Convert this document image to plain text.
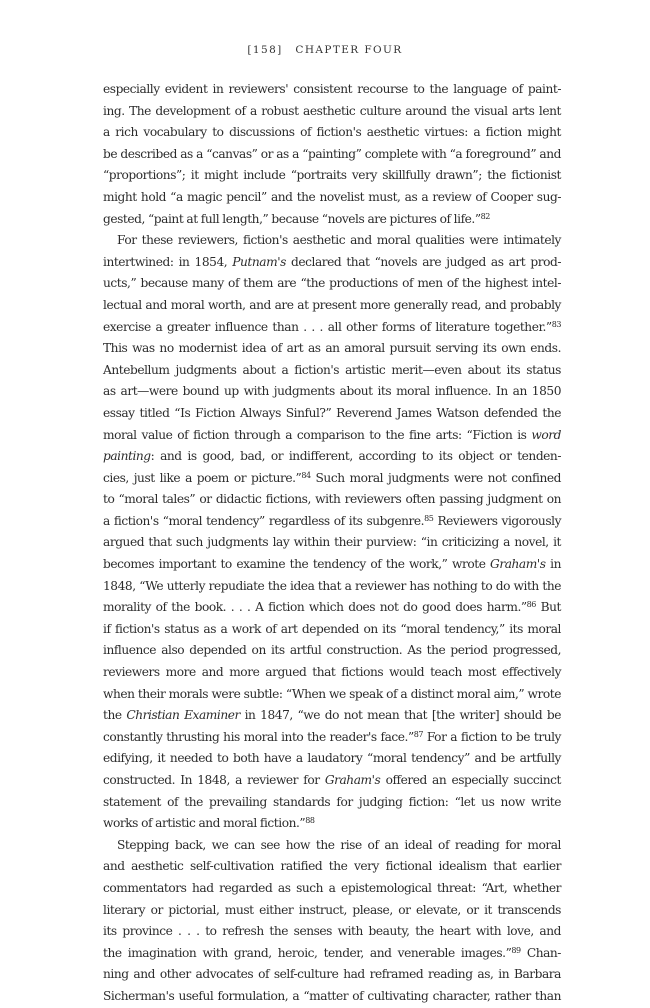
[158] CHAPTER FOUR
especially evident in reviewers' consistent recourse to the language of paint-
ing. The development of a robust aesthetic culture around the visual arts lent
a rich vocabulary to discussions of fiction's aesthetic virtues: a fiction might
be described as a “canvas” or as a “painting” complete with “a foreground” and
“proportions”; it might include “portraits very skillfully drawn”; the fictionist
might hold “a magic pencil” and the novelist must, as a review of Cooper sug-
gested, “paint at full length,” because “novels are pictures of life.”$^{82}$
For these reviewers, fiction's aesthetic and moral qualities were intimately
intertwined: in 1854, Putnam's declared that “novels are judged as art prod-
ucts,” because many of them are “the productions of men of the highest intel-
lectual and moral worth, and are at present more generally read, and probably
exercise a greater influence than . . . all other forms of literature together.”$^{83}$
This was no modernist idea of art as an amoral pursuit serving its own ends.
Antebellum judgments about a fiction's artistic merit—even about its status
as art—were bound up with judgments about its moral influence. In an 1850
essay titled “Is Fiction Always Sinful?” Reverend James Watson defended the
moral value of fiction through a comparison to the fine arts: “Fiction is word
painting: and is good, bad, or indifferent, according to its object or tenden-
cies, just like a poem or picture.”$^{84}$ Such moral judgments were not confined
to “moral tales” or didactic fictions, with reviewers often passing judgment on
a fiction's “moral tendency” regardless of its subgenre.$^{85}$ Reviewers vigorously
argued that such judgments lay within their purview: “in criticizing a novel, it
becomes important to examine the tendency of the work,” wrote Graham's in
1848, “We utterly repudiate the idea that a reviewer has nothing to do with the
morality of the book. . . . A fiction which does not do good does harm.”$^{86}$ But
if fiction's status as a work of art depended on its “moral tendency,” its moral
influence also depended on its artful construction. As the period progressed,
reviewers more and more argued that fictions would teach most effectively
when their morals were subtle: “When we speak of a distinct moral aim,” wrote
the Christian Examiner in 1847, “we do not mean that [the writer] should be
constantly thrusting his moral into the reader's face.”$^{87}$ For a fiction to be truly
edifying, it needed to both have a laudatory “moral tendency” and be artfully
constructed. In 1848, a reviewer for Graham's offered an especially succinct
statement of the prevailing standards for judging fiction: “let us now write
works of artistic and moral fiction.”$^{88}$
Stepping back, we can see how the rise of an ideal of reading for moral
and aesthetic self-cultivation ratified the very fictional idealism that earlier
commentators had regarded as such a epistemological threat: “Art, whether
literary or pictorial, must either instruct, please, or elevate, or it transcends
its province . . . to refresh the senses with beauty, the heart with love, and
the imagination with grand, heroic, tender, and venerable images.”$^{89}$ Chan-
ning and other advocates of self-culture had reframed reading as, in Barbara
Sicherman's useful formulation, a “matter of cultivating character, rather than
